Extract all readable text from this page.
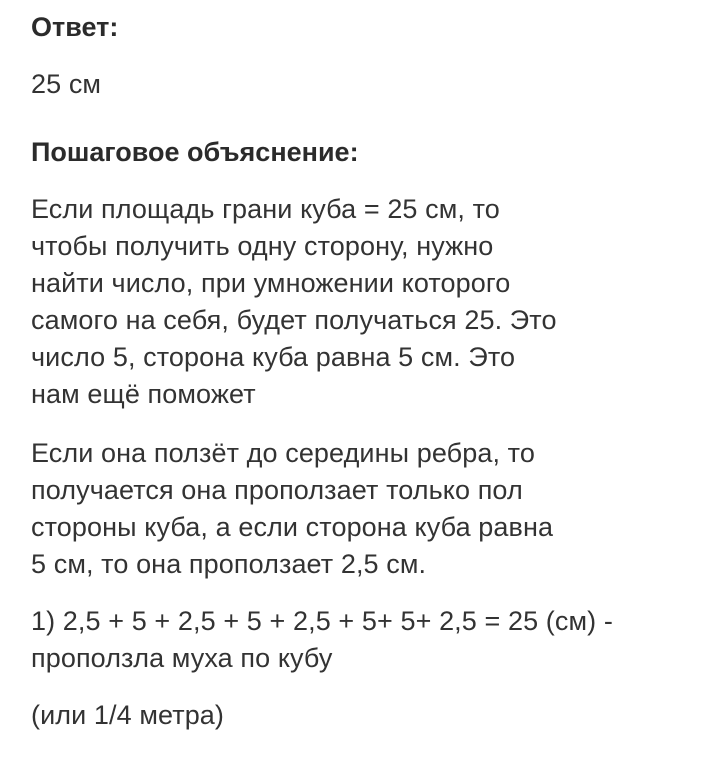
Ответ:
25 см
Пошаговое объяснение:
Если площадь грани куба = 25 см, то
чтобы получить одну сторону, нужно
найти число, при умножении которого
самого на себя, будет получаться 25. Это
число 5, сторона куба равна 5 см. Это
нам ещё поможет
Если она ползёт до середины ребра, то
получается она проползает только пол
стороны куба, а если сторона куба равна
5 см, то она проползает 2,5 см.
1) 2,5 + 5 + 2,5 + 5 + 2,5 + 5+ 5+ 2,5 = 25 (см) -
проползла муха по кубу
(или 1/4 метра)
